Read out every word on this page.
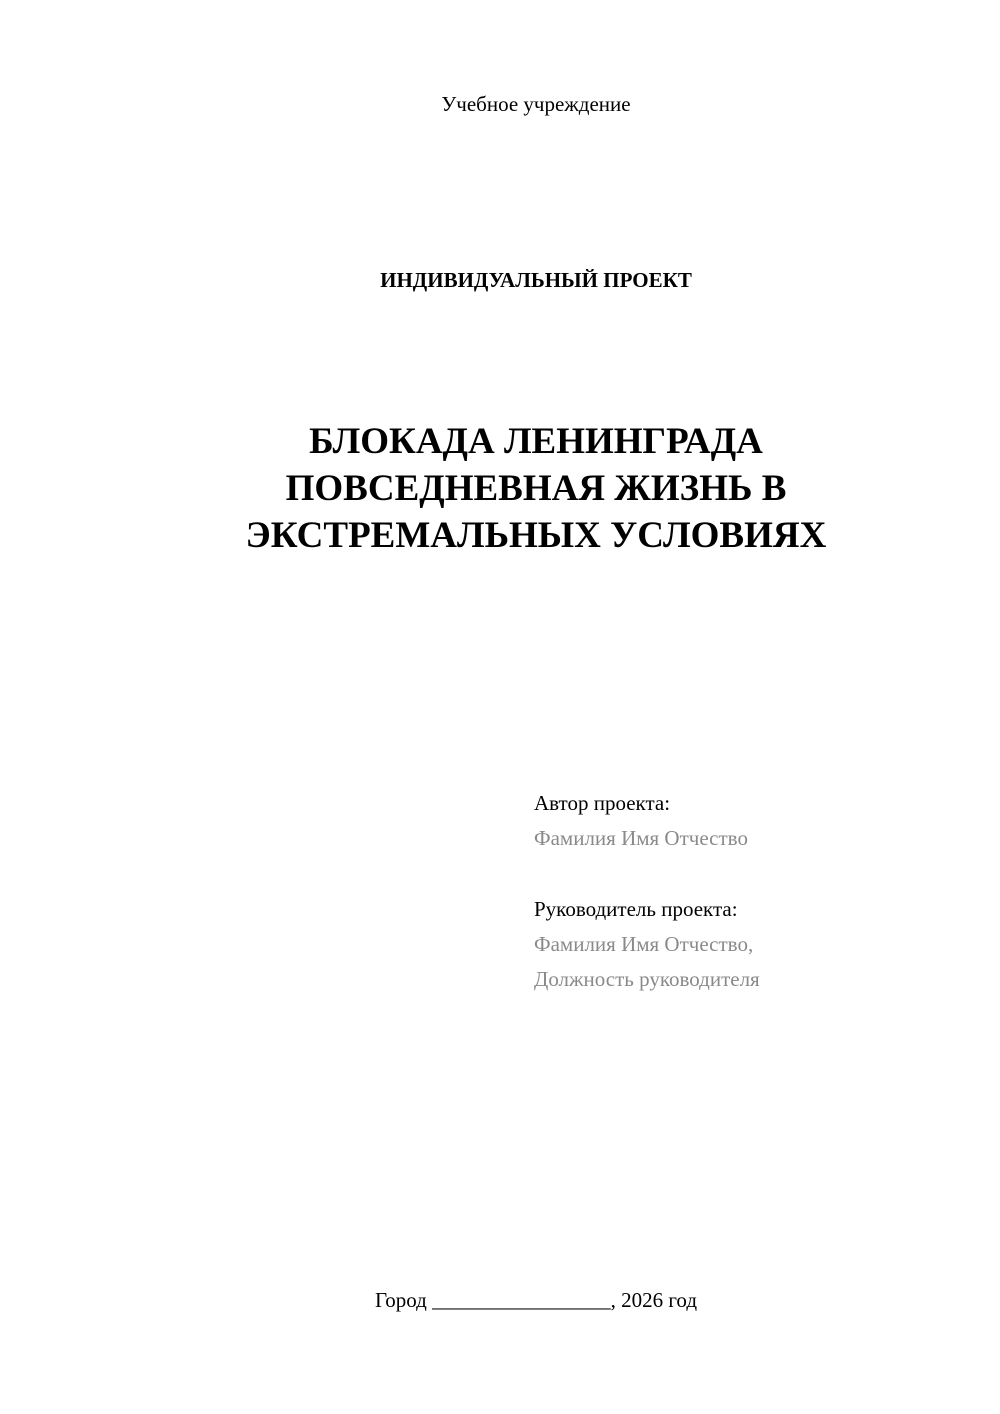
Учебное учреждение
ИНДИВИДУАЛЬНЫЙ ПРОЕКТ
БЛОКАДА ЛЕНИНГРАДА
ПОВСЕДНЕВНАЯ ЖИЗНЬ В
ЭКСТРЕМАЛЬНЫХ УСЛОВИЯХ
Автор проекта:
Фамилия Имя Отчество
Руководитель проекта:
Фамилия Имя Отчество,
Должность руководителя
Город _________________, 2026 год
